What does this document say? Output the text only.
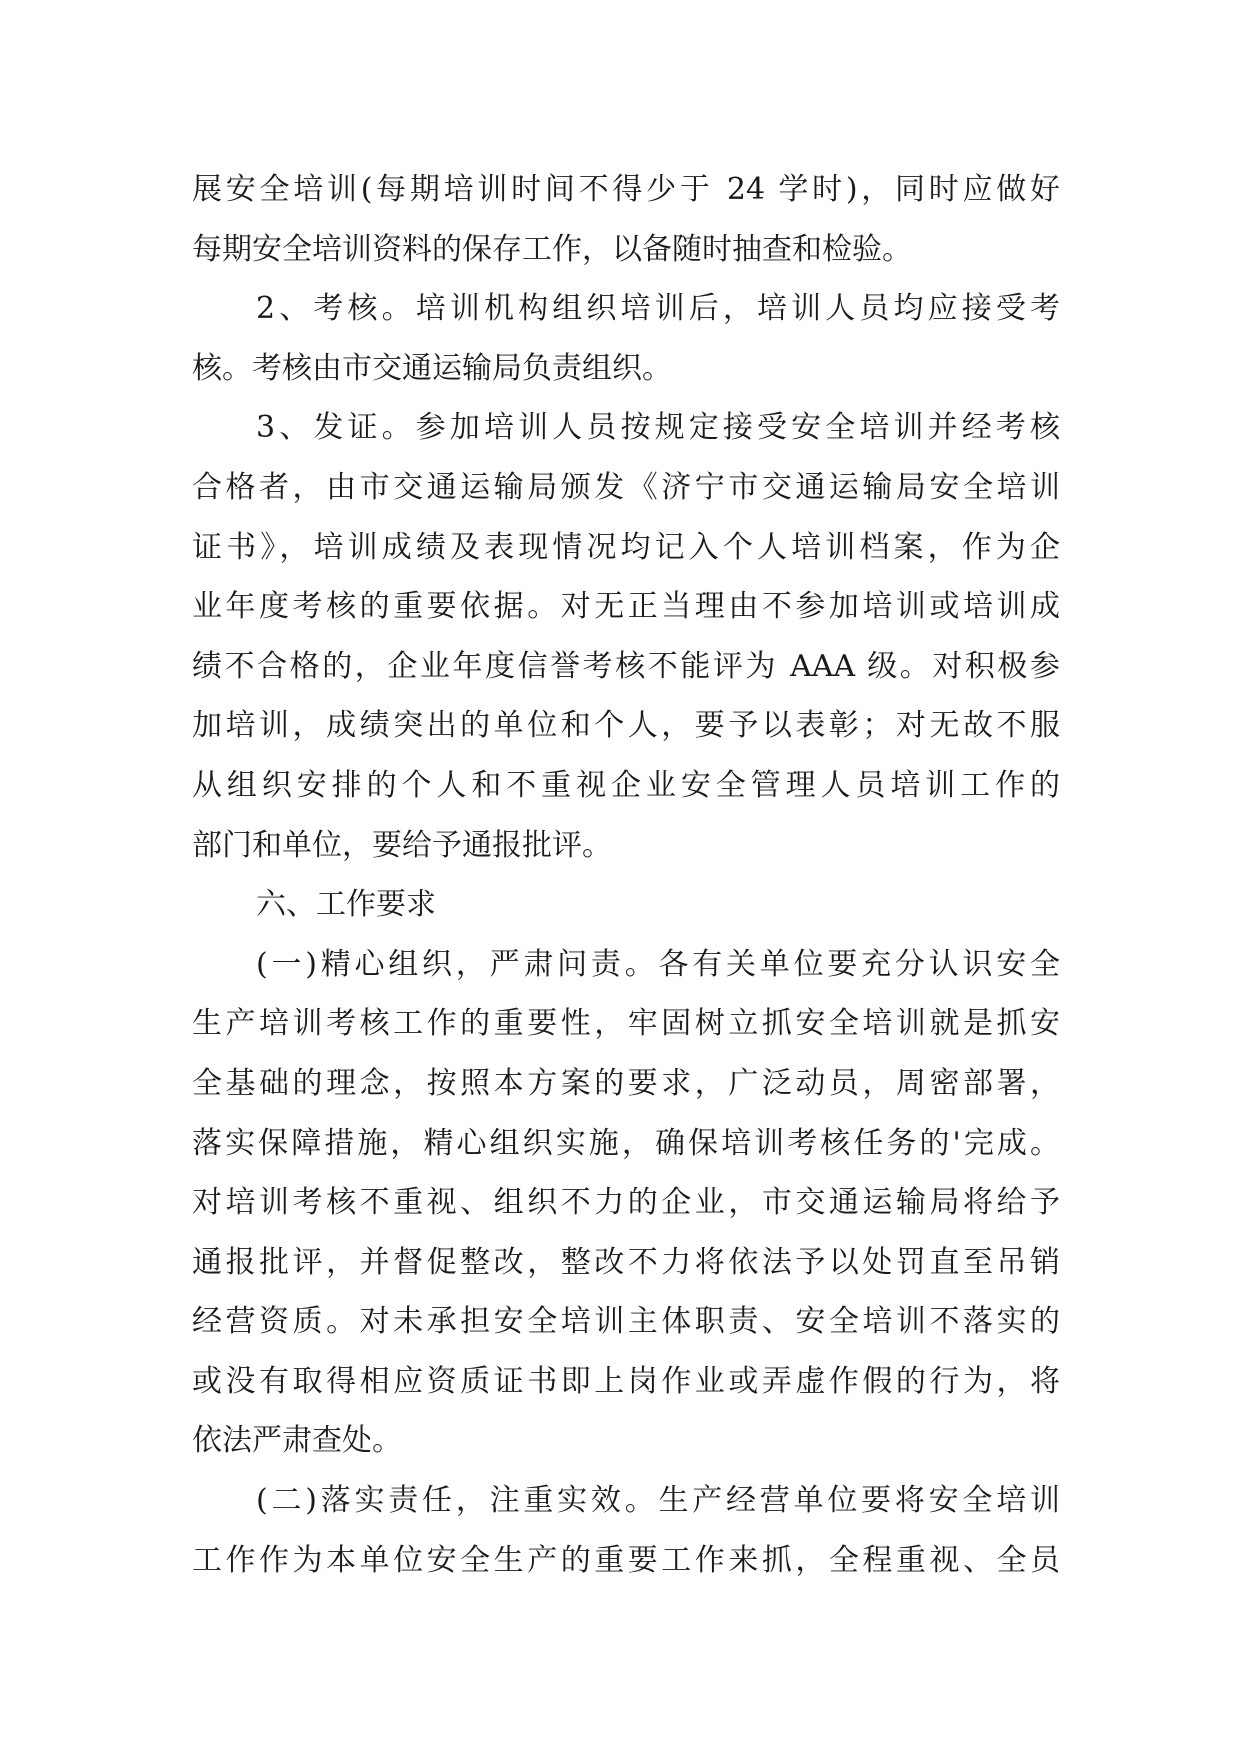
展安全培训(每期培训时间不得少于 24 学时)，同时应做好
每期安全培训资料的保存工作，以备随时抽查和检验。
2、考核。培训机构组织培训后，培训人员均应接受考
核。考核由市交通运输局负责组织。
3、发证。参加培训人员按规定接受安全培训并经考核
合格者，由市交通运输局颁发《济宁市交通运输局安全培训
证书》，培训成绩及表现情况均记入个人培训档案，作为企
业年度考核的重要依据。对无正当理由不参加培训或培训成
绩不合格的，企业年度信誉考核不能评为 AAA 级。对积极参
加培训，成绩突出的单位和个人，要予以表彰；对无故不服
从组织安排的个人和不重视企业安全管理人员培训工作的
部门和单位，要给予通报批评。
六、工作要求
(一)精心组织，严肃问责。各有关单位要充分认识安全
生产培训考核工作的重要性，牢固树立抓安全培训就是抓安
全基础的理念，按照本方案的要求，广泛动员，周密部署，
落实保障措施，精心组织实施，确保培训考核任务的'完成。
对培训考核不重视、组织不力的企业，市交通运输局将给予
通报批评，并督促整改，整改不力将依法予以处罚直至吊销
经营资质。对未承担安全培训主体职责、安全培训不落实的
或没有取得相应资质证书即上岗作业或弄虚作假的行为，将
依法严肃查处。
(二)落实责任，注重实效。生产经营单位要将安全培训
工作作为本单位安全生产的重要工作来抓，全程重视、全员
